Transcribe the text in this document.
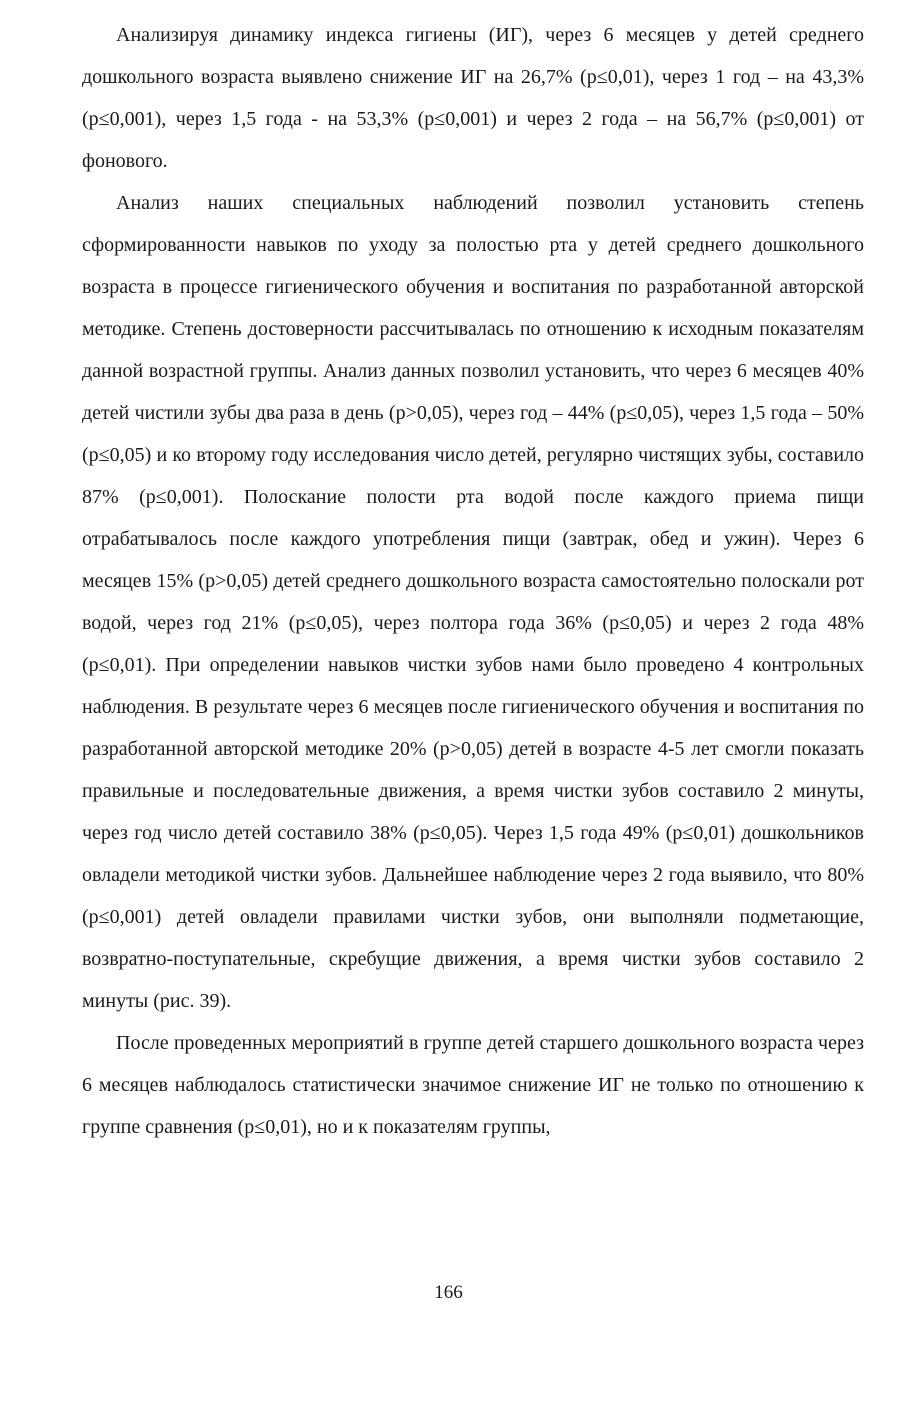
Анализируя динамику индекса гигиены (ИГ), через 6 месяцев у детей среднего дошкольного возраста выявлено снижение ИГ на 26,7% (p≤0,01), через 1 год – на 43,3% (p≤0,001), через 1,5 года - на 53,3% (p≤0,001) и через 2 года – на 56,7% (p≤0,001) от фонового.

Анализ наших специальных наблюдений позволил установить степень сформированности навыков по уходу за полостью рта у детей среднего дошкольного возраста в процессе гигиенического обучения и воспитания по разработанной авторской методике. Степень достоверности рассчитывалась по отношению к исходным показателям данной возрастной группы. Анализ данных позволил установить, что через 6 месяцев 40% детей чистили зубы два раза в день (p>0,05), через год – 44% (p≤0,05), через 1,5 года – 50% (p≤0,05) и ко второму году исследования число детей, регулярно чистящих зубы, составило 87% (p≤0,001). Полоскание полости рта водой после каждого приема пищи отрабатывалось после каждого употребления пищи (завтрак, обед и ужин). Через 6 месяцев 15% (p>0,05) детей среднего дошкольного возраста самостоятельно полоскали рот водой, через год 21% (p≤0,05), через полтора года 36% (p≤0,05) и через 2 года 48% (p≤0,01). При определении навыков чистки зубов нами было проведено 4 контрольных наблюдения. В результате через 6 месяцев после гигиенического обучения и воспитания по разработанной авторской методике 20% (p>0,05) детей в возрасте 4-5 лет смогли показать правильные и последовательные движения, а время чистки зубов составило 2 минуты, через год число детей составило 38% (p≤0,05). Через 1,5 года 49% (p≤0,01) дошкольников овладели методикой чистки зубов. Дальнейшее наблюдение через 2 года выявило, что 80% (p≤0,001) детей овладели правилами чистки зубов, они выполняли подметающие, возвратно-поступательные, скребущие движения, а время чистки зубов составило 2 минуты (рис. 39).

После проведенных мероприятий в группе детей старшего дошкольного возраста через 6 месяцев наблюдалось статистически значимое снижение ИГ не только по отношению к группе сравнения (p≤0,01), но и к показателям группы,

166
